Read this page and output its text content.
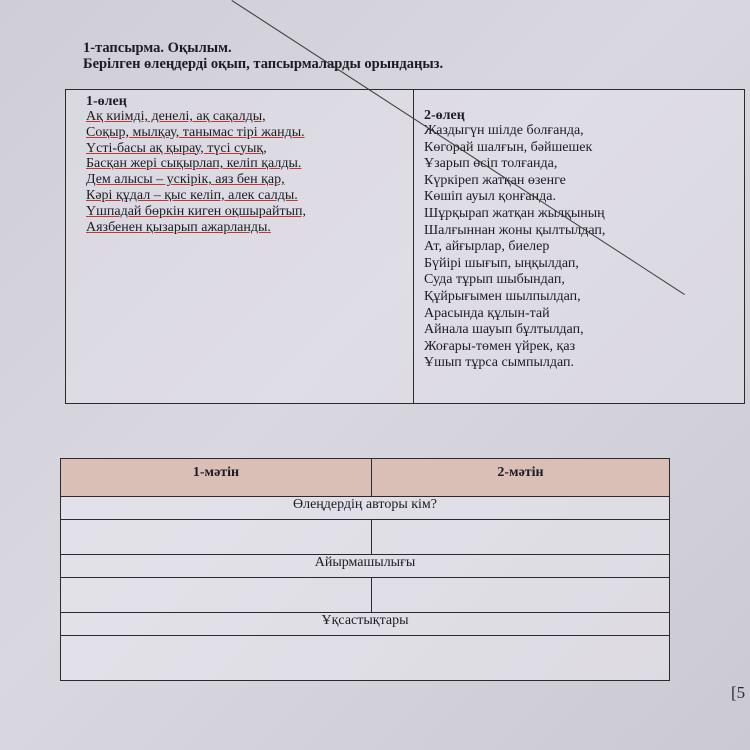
1-тапсырма. Оқылым.
Берілген өлеңдерді оқып, тапсырмаларды орындаңыз.
1-өлең
Ақ киімді, денелі, ақ сақалды,
Соқыр, мылқау, танымас тірі жанды.
Үсті-басы ақ қырау, түсі суық,
Басқан жері сықырлап, келіп қалды.
Дем алысы – ускірік, аяз бен қар,
Кәрі құдал – қыс келіп, алек салды.
Үшпадай бөркін киген оқшырайтып,
Аязбенен қызарып ажарланды.
2-өлең
Жаздыгүн шілде болғанда,
Көгорай шалғын, бәйшешек
Ұзарып өсіп толғанда,
Күркіреп жатқан өзенге
Көшіп ауыл қонғанда.
Шұрқырап жатқан жылқының
Шалғыннан жоны қылтылдап,
Ат, айғырлар, биелер
Бүйірі шығып, ыңқылдап,
Суда тұрып шыбындап,
Құйрығымен шылпылдап,
Арасында құлын-тай
Айнала шауып бұлтылдап,
Жоғары-төмен үйрек, қаз
Ұшып тұрса сымпылдап.
1-мәтін	2-мәтін
Өлеңдердің авторы кім?	

Айырмашылығы	

Ұқсастықтары	

[5
